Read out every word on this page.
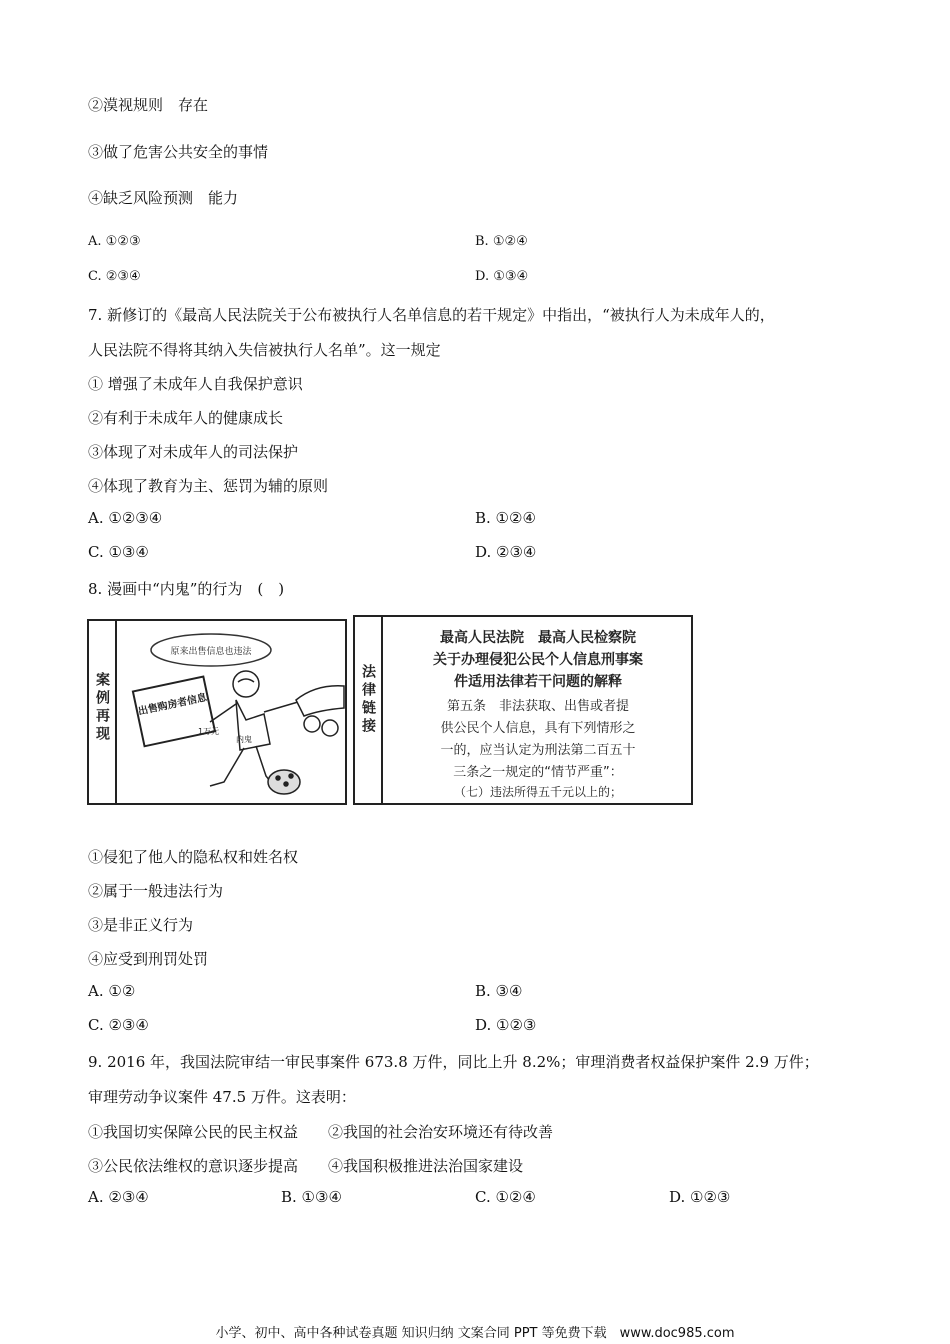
②漠视规则　存在
③做了危害公共安全的事情
④缺乏风险预测　能力
A. ①②③	B. ①②④
C. ②③④	D. ①③④
7. 新修订的《最高人民法院关于公布被执行人名单信息的若干规定》中指出，“被执行人为未成年人的，
人民法院不得将其纳入失信被执行人名单”。这一规定
① 增强了未成年人自我保护意识
②有利于未成年人的健康成长
③体现了对未成年人的司法保护
④体现了教育为主、惩罚为辅的原则
A. ①②③④	B. ①②④
C. ①③④	D. ②③④
8. 漫画中“内鬼”的行为　(　)
案例再现
原来出售信息也违法
出售购房者信息
1万元
内鬼
法律链接
最高人民法院　最高人民检察院
关于办理侵犯公民个人信息刑事案
件适用法律若干问题的解释
第五条　非法获取、出售或者提
供公民个人信息，具有下列情形之
一的，应当认定为刑法第二百五十
三条之一规定的“情节严重”：
（七）违法所得五千元以上的；
①侵犯了他人的隐私权和姓名权
②属于一般违法行为
③是非正义行为
④应受到刑罚处罚
A. ①②	B. ③④
C. ②③④	D. ①②③
9. 2016 年，我国法院审结一审民事案件 673.8 万件，同比上升 8.2%；审理消费者权益保护案件 2.9 万件；
审理劳动争议案件 47.5 万件。这表明：
①我国切实保障公民的民主权益　　②我国的社会治安环境还有待改善
③公民依法维权的意识逐步提高　　④我国积极推进法治国家建设
A. ②③④	B. ①③④	C. ①②④	D. ①②③
小学、初中、高中各种试卷真题 知识归纳 文案合同 PPT 等免费下载　www.doc985.com
